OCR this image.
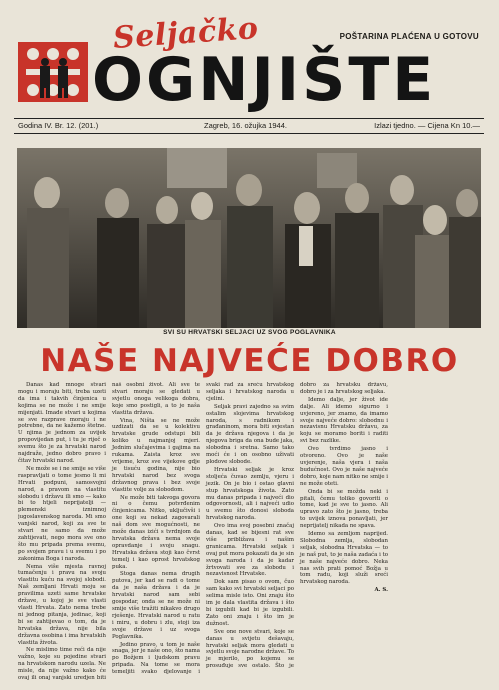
Seljačko	POŠTARINA PLAĆENA U GOTOVU
OGNJIŠTE
Godina IV. Br. 12. (201.)	Zagreb, 16. ožujka 1944.	Izlazi tjedno. — Cijena Kn 10.—
SVI SU HRVATSKI SELJACI UZ SVOG POGLAVNIKA
NAŠE NAJVEĆE DOBRO

Danas kad mnoge stvari mogu i moraju biti, treba uzeti da ima i takvih činjenica u kojima se ne može i ne smije mijenjati. Imade stvari u kojima se sve razprave moraju i ne potrebne, da ne kažemo štetne. U njima je jednom za uvijek propovijedan put, i tu je riječ o svemu što je za hrvatski narod najdraže, jedno dobro pravo i čitav hrvatski narod.

Ne može se i ne smije se više raspravljati o tome jesmo li mi Hrvati podpuni, samosvojni narod, a pravom na vlastitu slobodu i državu ili smo — kako bi to htjeli neprijatelji — plemenski iznimnoj jugoslavenskog naroda. Mi smo vanjski narod, koji za sve te stvari ne samo da može zahtijevati, nego mora sve ono što mu pripada prema svemu, po svojem pravu i u svemu i po zakonima Boga i naroda.

Nema više mjesta ravnoj tumačenju i pravu na svoju vlastitu kuću na svojoj slobodi. Naš zemljani Hrvati moju se pravilima uzeti same hrvatske države, u kojoj je sve vlasti vlasti Hrvata. Zato nema trebe ni jednog pitanja, jedinac, koji bi se zahtijevao o tom, da je hrvatska država, nije bila državna osobina i ima hrvatskih vlastita života.

Ne mislimo time reći da nije važno, koje su pojedine stvari na hrvatskom narodu uzela. Ne misle, da nije važno kako će ovaj ili onaj vanjski uredjen biti naš osobni život. Ali sve te stvari moraju se gledati u svjetlu onoga velikoga dobra, koje smo postigli, a to je naša vlastita država.

Vina, Ništa se ne može uzdizati da se u kolektivu hrvatske grude odstupi bili koliko u najmanjoj mjeri. Jednim slučajevima i gajima na rukama. Zaista kroz sve vrijeme, kroz sve vijekove gdje je tisuću godina, nije bio hrvatski narod bez svoga državnog prava i bez svoje vlastite volje za slobodom.

Ne može biti takvoga govora ni o čemu potvrđenim činjenicama. Nitko, uključivši i one koji su nekad zagovarali naš dom sve mogućnosti, ne može danas izići s tvrdnjom da hrvatska država nema svoje opravdanje i svoju snagu. Hrvatska država stoji kao čvrst temelj i kao oprost hrvatskog puka.

Stoga danas nema drugih putova, jer kad se radi o tome da je naša država i da je hrvatski narod sam sebi gospodar, onda se ne može ni smije više tražiti nikakvo drugo rješenje. Hrvatski narod u ratu i miru, u dobru i zlu, stoji iza svoje države i uz svoga Poglavnika.

Jedino pravo, u tom je naše snaga, jer je naše ono, što nama po Božjem i ljudskom pravu pripada. Na tome se mora temeljiti svako djelovanje i svaki rad za sreću hrvatskog seljaka i hrvatskog naroda u cjelini.

Seljak pravi zajedno sa svim ostalim slojevima hrvatskog naroda, s radnikom i građaninom, mora biti svjestan da je država njegova i da je njegova briga da ona bude jaka, slobodna i sretna. Samo tako moći će i on osobno uživati plodove slobode.

Hrvatski seljak je kroz stoljeća čuvao zemlju, vjeru i jezik. On je bio i ostao glavni stup hrvatskoga života. Zato mu danas pripada i najveći dio odgovornosti, ali i najveći udio u svemu što donosi sloboda hrvatskog naroda.

Ovo ima svoj posebni značaj danas, kad se bijesni rat sve više približava i našim granicama. Hrvatski seljak i ovaj put mora pokazati da je sin svoga naroda i da je kadar žrtvovati sve za slobodu i nezavisnost Hrvatske.

Dok sam pisao o ovom, čuo sam kako svi hrvatski seljaci po selima misle isto. Oni znaju što im je dala vlastita država i što bi izgubili kad bi je izgubili. Zato oni znaju i što im je dužnost.

Sve one nove stvari, koje se danas u svijetu dešavaju, hrvatski seljak mora gledati u svjetlu svoje narodne države. To je mjerilo, po kojemu se prosuđuje sve ostalo. Što je dobro za hrvatsku državu, dobro je i za hrvatskog seljaka.

Idemo dalje, jer život ide dalje. Ali idemo sigurno i uvjereno, jer znamo, da imamo svoje najveće dobro: slobodnu i nezavisnu Hrvatsku državu, za koju se moramo boriti i raditi svi bez razlike.

Ovo tvrdimo jasno i otvoreno. Ovo je naše uvjerenje, naša vjera i naša budućnost. Ovo je naše najveće dobro, koje nam nitko ne smije i ne može oteti.

Onda bi se možda neki i pitali, čemu toliko govoriti o tome, kad je sve to jasno. Ali upravo zato što je jasno, treba to uvijek iznova ponavljati, jer neprijatelj nikada ne spava.

Idemo sa zemljom naprijed. Slobodna zemlja, slobodan seljak, slobodna Hrvatska — to je naš put, to je naša zadaća i to je naše najveće dobro. Neka nas svih prati pomoć Božja u tom radu, koji služi sreći hrvatskog naroda.

A. S.
